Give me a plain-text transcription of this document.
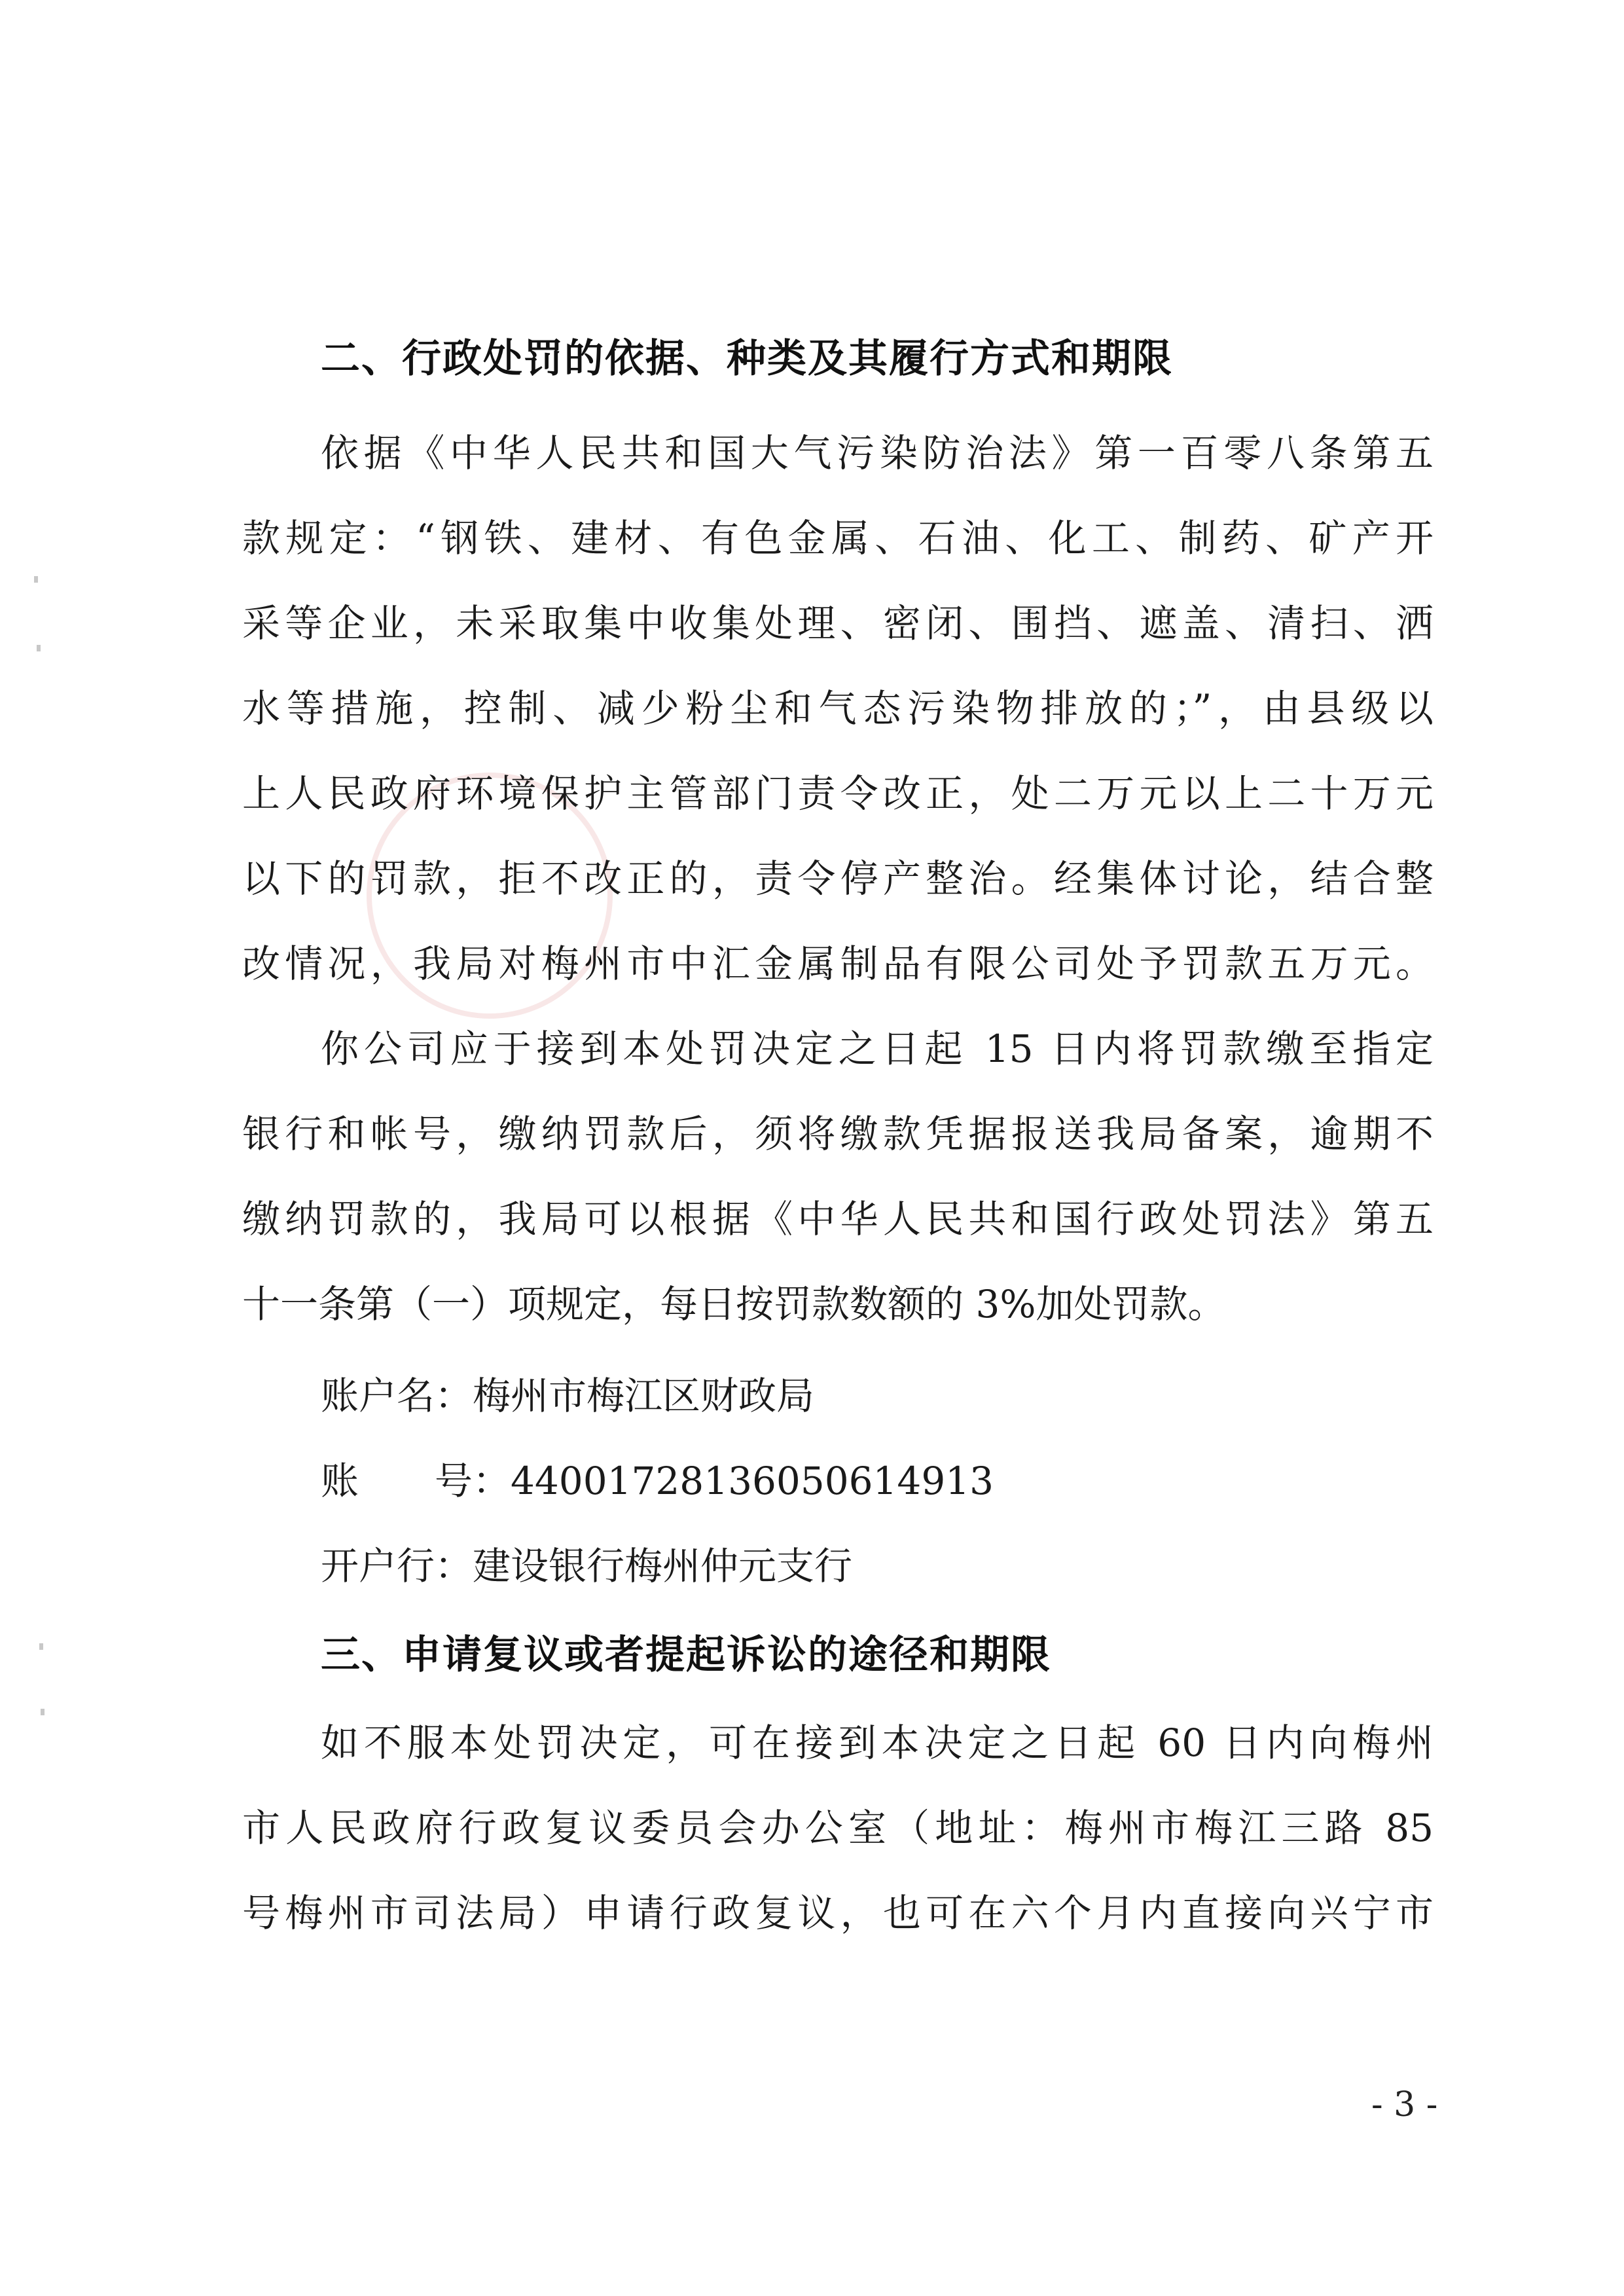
二、行政处罚的依据、种类及其履行方式和期限
依据《中华人民共和国大气污染防治法》第一百零八条第五
款规定：“钢铁、建材、有色金属、石油、化工、制药、矿产开
采等企业，未采取集中收集处理、密闭、围挡、遮盖、清扫、洒
水等措施，控制、减少粉尘和气态污染物排放的；”，由县级以
上人民政府环境保护主管部门责令改正，处二万元以上二十万元
以下的罚款，拒不改正的，责令停产整治。经集体讨论，结合整
改情况，我局对梅州市中汇金属制品有限公司处予罚款五万元。
你公司应于接到本处罚决定之日起 15 日内将罚款缴至指定
银行和帐号，缴纳罚款后，须将缴款凭据报送我局备案，逾期不
缴纳罚款的，我局可以根据《中华人民共和国行政处罚法》第五
十一条第（一）项规定，每日按罚款数额的 3%加处罚款。
账户名：梅州市梅江区财政局
账　　号：44001728136050614913
开户行：建设银行梅州仲元支行
三、申请复议或者提起诉讼的途径和期限
如不服本处罚决定，可在接到本决定之日起 60 日内向梅州
市人民政府行政复议委员会办公室（地址：梅州市梅江三路 85
号梅州市司法局）申请行政复议，也可在六个月内直接向兴宁市
- 3 -
